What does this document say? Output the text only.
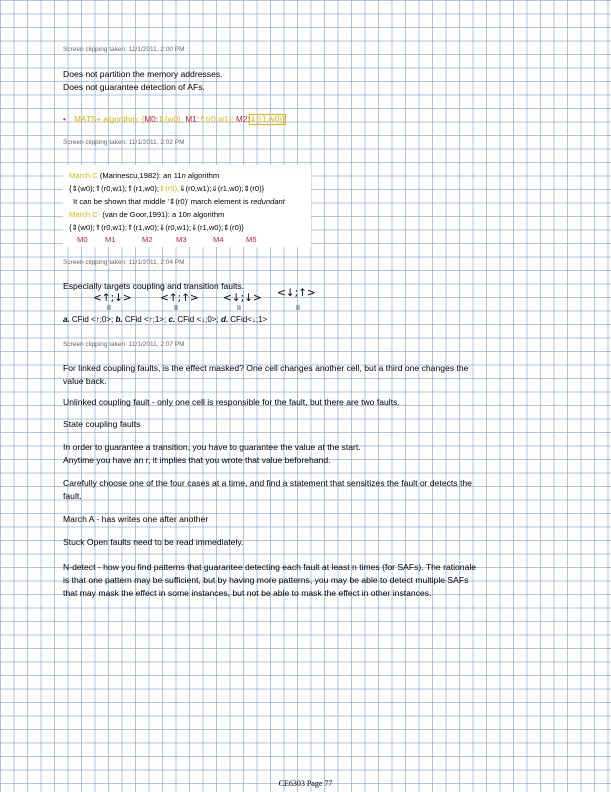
Screen clipping taken: 11/1/2011, 2:00 PM
Does not partition the memory addresses.
Does not guarantee detection of AFs.
• MATS+ algorithm: {M0:⇕(w0); M1:⇑(r0,w1); M2:⇓(r1,w0)}
Screen clipping taken: 11/1/2011, 2:02 PM
March C (Marinescu,1982): an 11n algorithm
{⇕(w0);⇑(r0,w1);⇑(r1,w0);⇕(r0);⇓(r0,w1);⇓(r1,w0);⇕(r0)}
It can be shown that middle '⇕(r0)' march element is redundant
March C- (van de Goor,1991): a 10n algorithm
{⇕(w0);⇑(r0,w1);⇑(r1,w0);⇓(r0,w1);⇓(r1,w0);⇕(r0)}
M0 M1	M2	M3	M4	M5
Screen clipping taken: 11/1/2011, 2:04 PM
Especially targets coupling and transition faults.
<↑;↓>	<↑;↑> <↓;↓> <↓;↑>
II	II	II	II
a. CFid <↑;0>; b. CFid <↑;1>; c. CFid <↓;0>; d. CFid<↓;1>
Screen clipping taken: 11/1/2011, 2:07 PM
For linked coupling faults, is the effect masked? One cell changes another cell, but a third one changes the value back.
Unlinked coupling fault - only one cell is responsible for the fault, but there are two faults.
State coupling faults
In order to guarantee a transition, you have to guarantee the value at the start.
Anytime you have an r, it implies that you wrote that value beforehand.
Carefully choose one of the four cases at a time, and find a statement that sensitizes the fault or detects the fault.
March A - has writes one after another
Stuck Open faults need to be read immediately.
N-detect - how you find patterns that guarantee detecting each fault at least n times (for SAFs). The rationale is that one pattern may be sufficient, but by having more patterns, you may be able to detect multiple SAFs that may mask the effect in some instances, but not be able to mask the effect in other instances.
CE6303 Page 77
